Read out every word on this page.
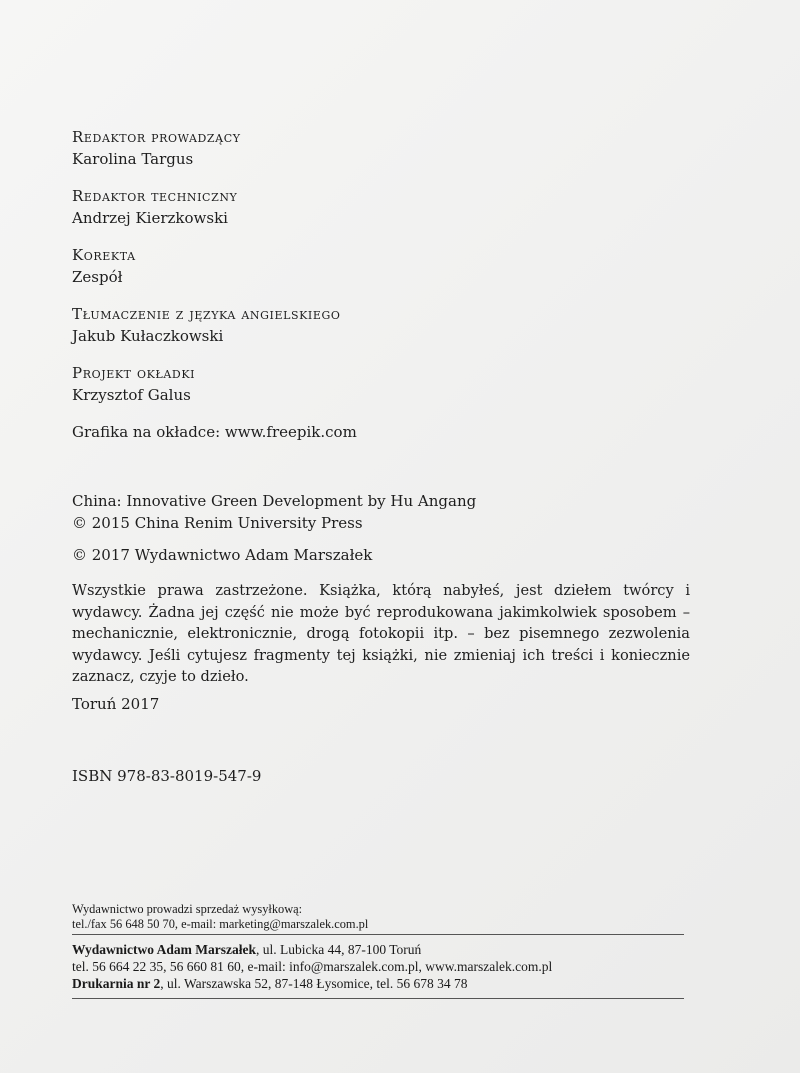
Redaktor prowadzący
Karolina Targus
Redaktor techniczny
Andrzej Kierzkowski
Korekta
Zespół
Tłumaczenie z języka angielskiego
Jakub Kułaczkowski
Projekt okładki
Krzysztof Galus
Grafika na okładce: www.freepik.com
China: Innovative Green Development by Hu Angang
© 2015 China Renim University Press
© 2017 Wydawnictwo Adam Marszałek
Wszystkie prawa zastrzeżone. Książka, którą nabyłeś, jest dziełem twórcy i wydawcy. Żadna jej część nie może być reprodukowana jakimkolwiek sposobem – mechanicznie, elektronicznie, drogą fotokopii itp. – bez pisemnego zezwolenia wydawcy. Jeśli cytujesz fragmenty tej książki, nie zmieniaj ich treści i koniecznie zaznacz, czyje to dzieło.
Toruń 2017
ISBN 978-83-8019-547-9
Wydawnictwo prowadzi sprzedaż wysyłkową:
tel./fax 56 648 50 70, e-mail: marketing@marszalek.com.pl
Wydawnictwo Adam Marszałek, ul. Lubicka 44, 87-100 Toruń
tel. 56 664 22 35, 56 660 81 60, e-mail: info@marszalek.com.pl, www.marszalek.com.pl
Drukarnia nr 2, ul. Warszawska 52, 87-148 Łysomice, tel. 56 678 34 78
